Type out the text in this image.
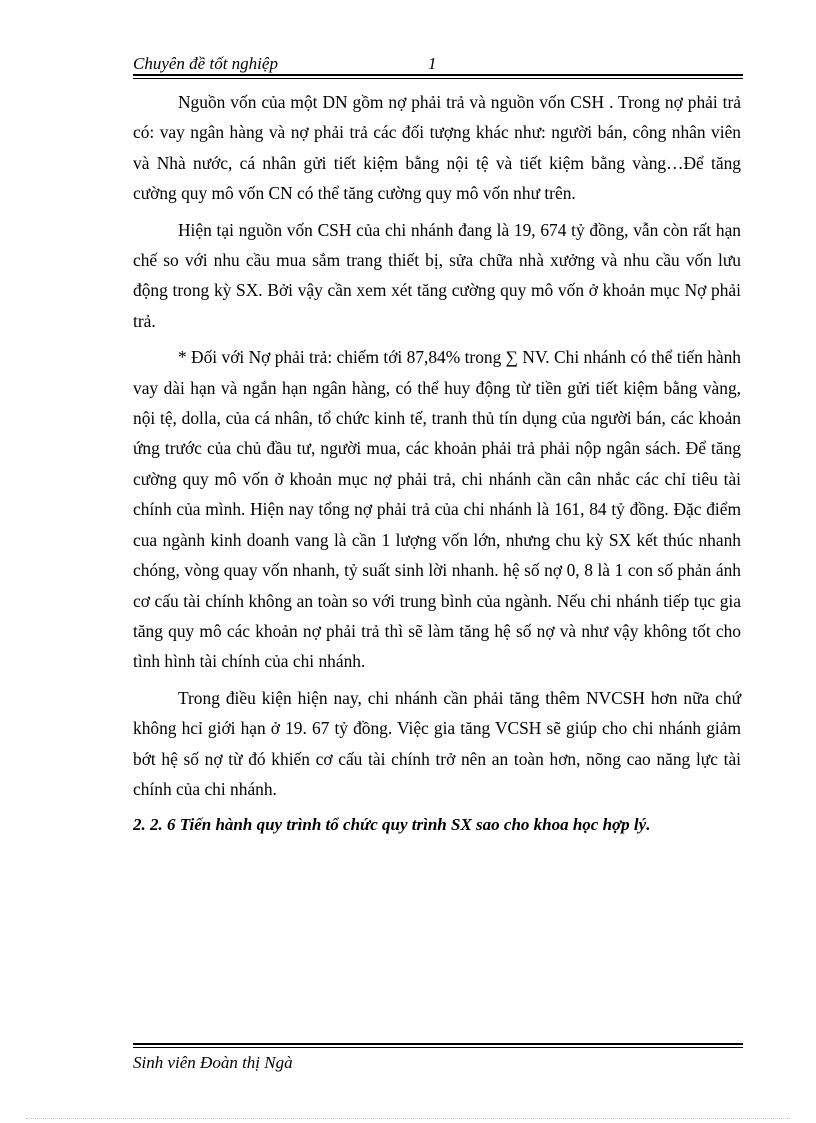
Chuyên đề tốt nghiệp	1

Nguồn vốn của một DN gồm nợ phải trả và nguồn vốn CSH . Trong nợ phải trả có: vay ngân hàng và nợ phải trả các đối tượng khác như: người bán, công nhân viên và Nhà nước, cá nhân gửi tiết kiệm bằng nội tệ và tiết kiệm bằng vàng…Để tăng cường quy mô vốn CN có thể tăng cường quy mô vốn như trên.

Hiện tại nguồn vốn CSH của chi nhánh đang là 19, 674 tỷ đồng, vẫn còn rất hạn chế so với nhu cầu mua sắm trang thiết bị, sửa chữa nhà xưởng và nhu cầu vốn lưu động trong kỳ SX. Bởi vậy cần xem xét tăng cường quy mô vốn ở khoản mục Nợ phải trả.

* Đối với Nợ phải trả: chiếm tới 87,84% trong ∑ NV. Chi nhánh có thể tiến hành vay dài hạn và ngắn hạn ngân hàng, có thể huy động từ tiền gửi tiết kiệm bằng vàng, nội tệ, dolla, của cá nhân, tổ chức kinh tế, tranh thủ tín dụng của người bán, các khoản ứng trước của chủ đầu tư, người mua, các khoản phải trả phải nộp ngân sách. Để tăng cường quy mô vốn ở khoản mục nợ phải trả, chi nhánh cần cân nhắc các chỉ tiêu tài chính của mình. Hiện nay tổng nợ phải trả của chi nhánh là 161, 84 tỷ đồng. Đặc điểm cua ngành kinh doanh vang là cần 1 lượng vốn lớn, nhưng chu kỳ SX kết thúc nhanh chóng, vòng quay vốn nhanh, tỷ suất sinh lời nhanh. hệ số nợ 0, 8 là 1 con số phản ánh cơ cấu tài chính không an toàn so với trung bình của ngành. Nếu chi nhánh tiếp tục gia tăng quy mô các khoản nợ phải trả thì sẽ làm tăng hệ số nợ và như vậy không tốt cho tình hình tài chính của chi nhánh.

Trong điều kiện hiện nay, chi nhánh cần phải tăng thêm NVCSH hơn nữa chứ không hcỉ giới hạn ở 19. 67 tỷ đồng. Việc gia tăng VCSH sẽ giúp cho chi nhánh giảm bớt hệ số nợ từ đó khiến cơ cấu tài chính trở nên an toàn hơn, nõng cao năng lực tài chính của chi nhánh.

2. 2. 6 Tiến hành quy trình tổ chức quy trình SX sao cho khoa học hợp lý.

Sinh viên Đoàn thị Ngà
